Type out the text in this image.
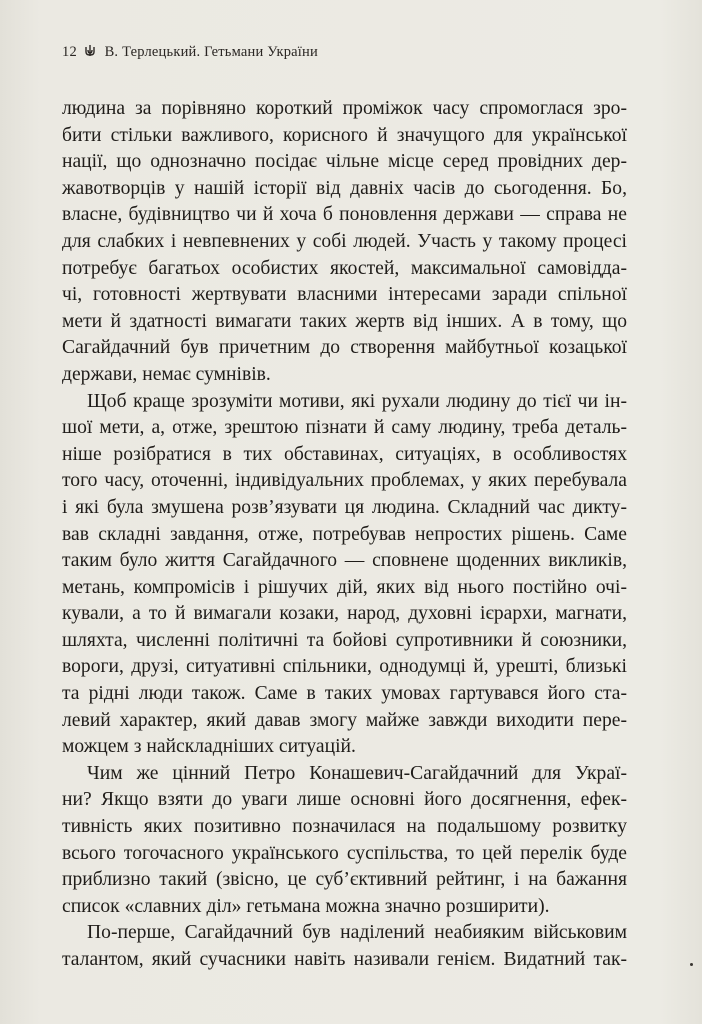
12 В. Терлецький. Гетьмани України
людина за порівняно короткий проміжок часу спромоглася зро-
бити стільки важливого, корисного й значущого для української
нації, що однозначно посідає чільне місце серед провідних дер-
жавотворців у нашій історії від давніх часів до сьогодення. Бо,
власне, будівництво чи й хоча б поновлення держави — справа не
для слабких і невпевнених у собі людей. Участь у такому процесі
потребує багатьох особистих якостей, максимальної самовідда-
чі, готовності жертвувати власними інтересами заради спільної
мети й здатності вимагати таких жертв від інших. А в тому, що
Сагайдачний був причетним до створення майбутньої козацької
держави, немає сумнівів.
Щоб краще зрозуміти мотиви, які рухали людину до тієї чи ін-
шої мети, а, отже, зрештою пізнати й саму людину, треба деталь-
ніше розібратися в тих обставинах, ситуаціях, в особливостях
того часу, оточенні, індивідуальних проблемах, у яких перебувала
і які була змушена розв’язувати ця людина. Складний час дикту-
вав складні завдання, отже, потребував непростих рішень. Саме
таким було життя Сагайдачного — сповнене щоденних викликів,
метань, компромісів і рішучих дій, яких від нього постійно очі-
кували, а то й вимагали козаки, народ, духовні ієрархи, магнати,
шляхта, численні політичні та бойові супротивники й союзники,
вороги, друзі, ситуативні спільники, однодумці й, урешті, близькі
та рідні люди також. Саме в таких умовах гартувався його ста-
левий характер, який давав змогу майже завжди виходити пере-
можцем з найскладніших ситуацій.
Чим же цінний Петро Конашевич-Сагайдачний для Украї-
ни? Якщо взяти до уваги лише основні його досягнення, ефек-
тивність яких позитивно позначилася на подальшому розвитку
всього тогочасного українського суспільства, то цей перелік буде
приблизно такий (звісно, це суб’єктивний рейтинг, і на бажання
список «славних діл» гетьмана можна значно розширити).
По-перше, Сагайдачний був наділений неабияким військовим
талантом, який сучасники навіть називали генієм. Видатний так-
